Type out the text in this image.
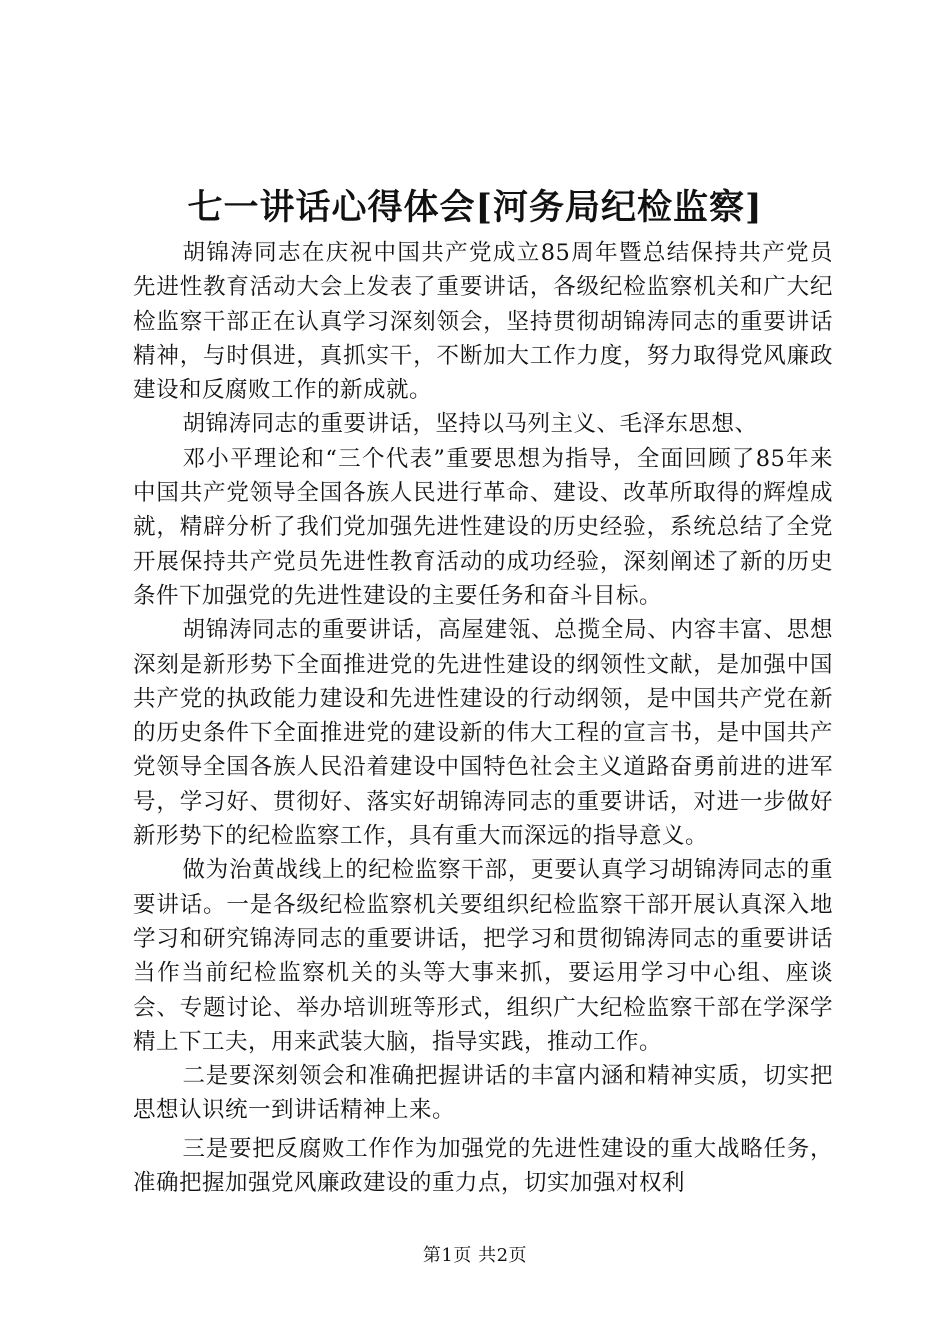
七一讲话心得体会[河务局纪检监察]

胡锦涛同志在庆祝中国共产党成立85周年暨总结保持共产党员先进性教育活动大会上发表了重要讲话，各级纪检监察机关和广大纪检监察干部正在认真学习深刻领会，坚持贯彻胡锦涛同志的重要讲话精神，与时俱进，真抓实干，不断加大工作力度，努力取得党风廉政建设和反腐败工作的新成就。

胡锦涛同志的重要讲话，坚持以马列主义、毛泽东思想、

邓小平理论和“三个代表”重要思想为指导，全面回顾了85年来中国共产党领导全国各族人民进行革命、建设、改革所取得的辉煌成就，精辟分析了我们党加强先进性建设的历史经验，系统总结了全党开展保持共产党员先进性教育活动的成功经验，深刻阐述了新的历史条件下加强党的先进性建设的主要任务和奋斗目标。

胡锦涛同志的重要讲话，高屋建瓴、总揽全局、内容丰富、思想深刻是新形势下全面推进党的先进性建设的纲领性文献，是加强中国共产党的执政能力建设和先进性建设的行动纲领，是中国共产党在新的历史条件下全面推进党的建设新的伟大工程的宣言书，是中国共产党领导全国各族人民沿着建设中国特色社会主义道路奋勇前进的进军号，学习好、贯彻好、落实好胡锦涛同志的重要讲话，对进一步做好新形势下的纪检监察工作，具有重大而深远的指导意义。

做为治黄战线上的纪检监察干部，更要认真学习胡锦涛同志的重要讲话。一是各级纪检监察机关要组织纪检监察干部开展认真深入地学习和研究锦涛同志的重要讲话，把学习和贯彻锦涛同志的重要讲话当作当前纪检监察机关的头等大事来抓，要运用学习中心组、座谈会、专题讨论、举办培训班等形式，组织广大纪检监察干部在学深学精上下工夫，用来武装大脑，指导实践，推动工作。

二是要深刻领会和准确把握讲话的丰富内涵和精神实质，切实把思想认识统一到讲话精神上来。

三是要把反腐败工作作为加强党的先进性建设的重大战略任务，准确把握加强党风廉政建设的重力点，切实加强对权利

第1页 共2页
